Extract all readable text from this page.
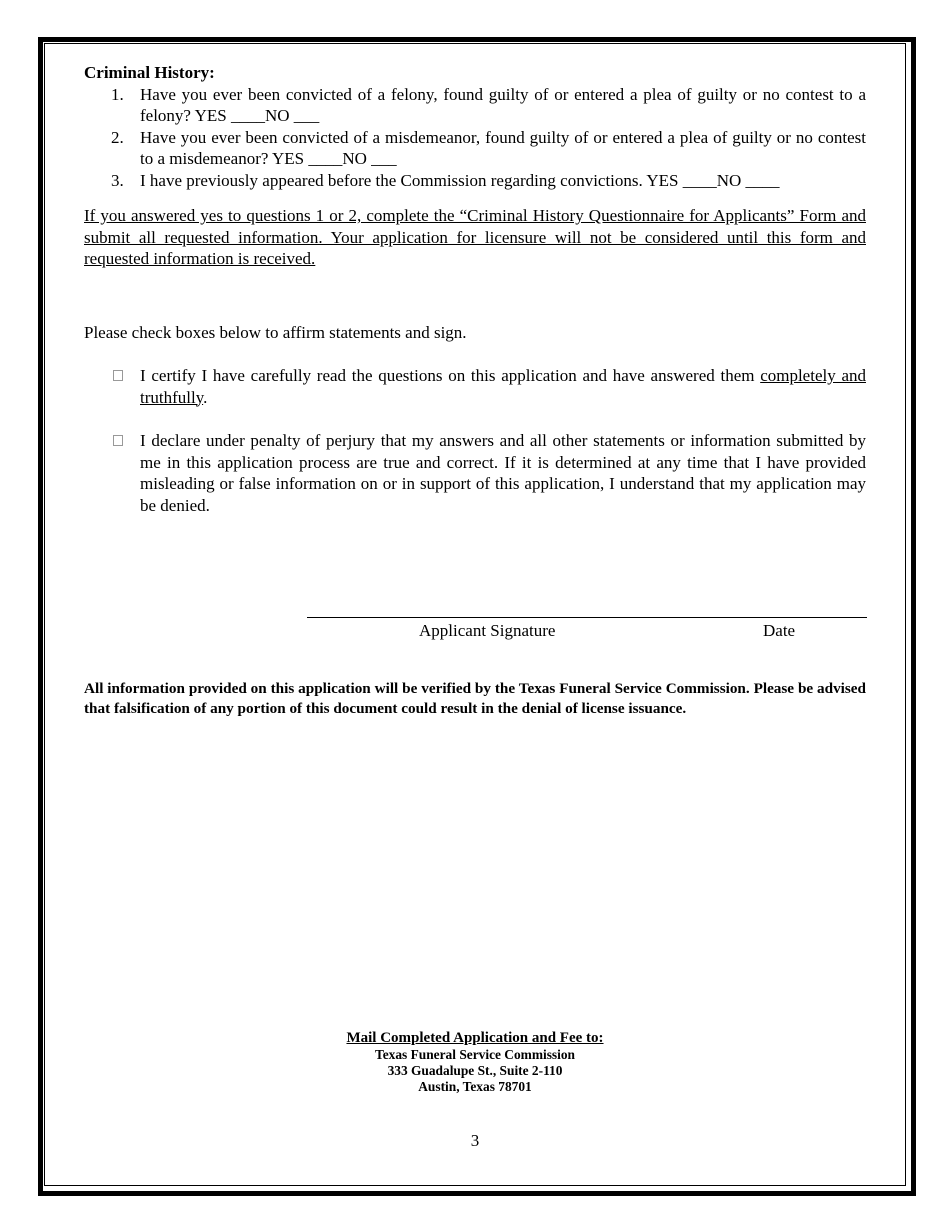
Criminal History:

1. Have you ever been convicted of a felony, found guilty of or entered a plea of guilty or no contest to a felony? YES ____NO ___
2. Have you ever been convicted of a misdemeanor, found guilty of or entered a plea of guilty or no contest to a misdemeanor? YES ____NO ___
3. I have previously appeared before the Commission regarding convictions. YES ____NO ____

If you answered yes to questions 1 or 2, complete the “Criminal History Questionnaire for Applicants” Form and submit all requested information. Your application for licensure will not be considered until this form and requested information is received.

Please check boxes below to affirm statements and sign.

I certify I have carefully read the questions on this application and have answered them completely and truthfully.
I declare under penalty of perjury that my answers and all other statements or information submitted by me in this application process are true and correct. If it is determined at any time that I have provided misleading or false information on or in support of this application, I understand that my application may be denied.
Applicant Signature	Date
All information provided on this application will be verified by the Texas Funeral Service Commission. Please be advised that falsification of any portion of this document could result in the denial of license issuance.
Mail Completed Application and Fee to:
Texas Funeral Service Commission
333 Guadalupe St., Suite 2-110
Austin, Texas 78701
3
